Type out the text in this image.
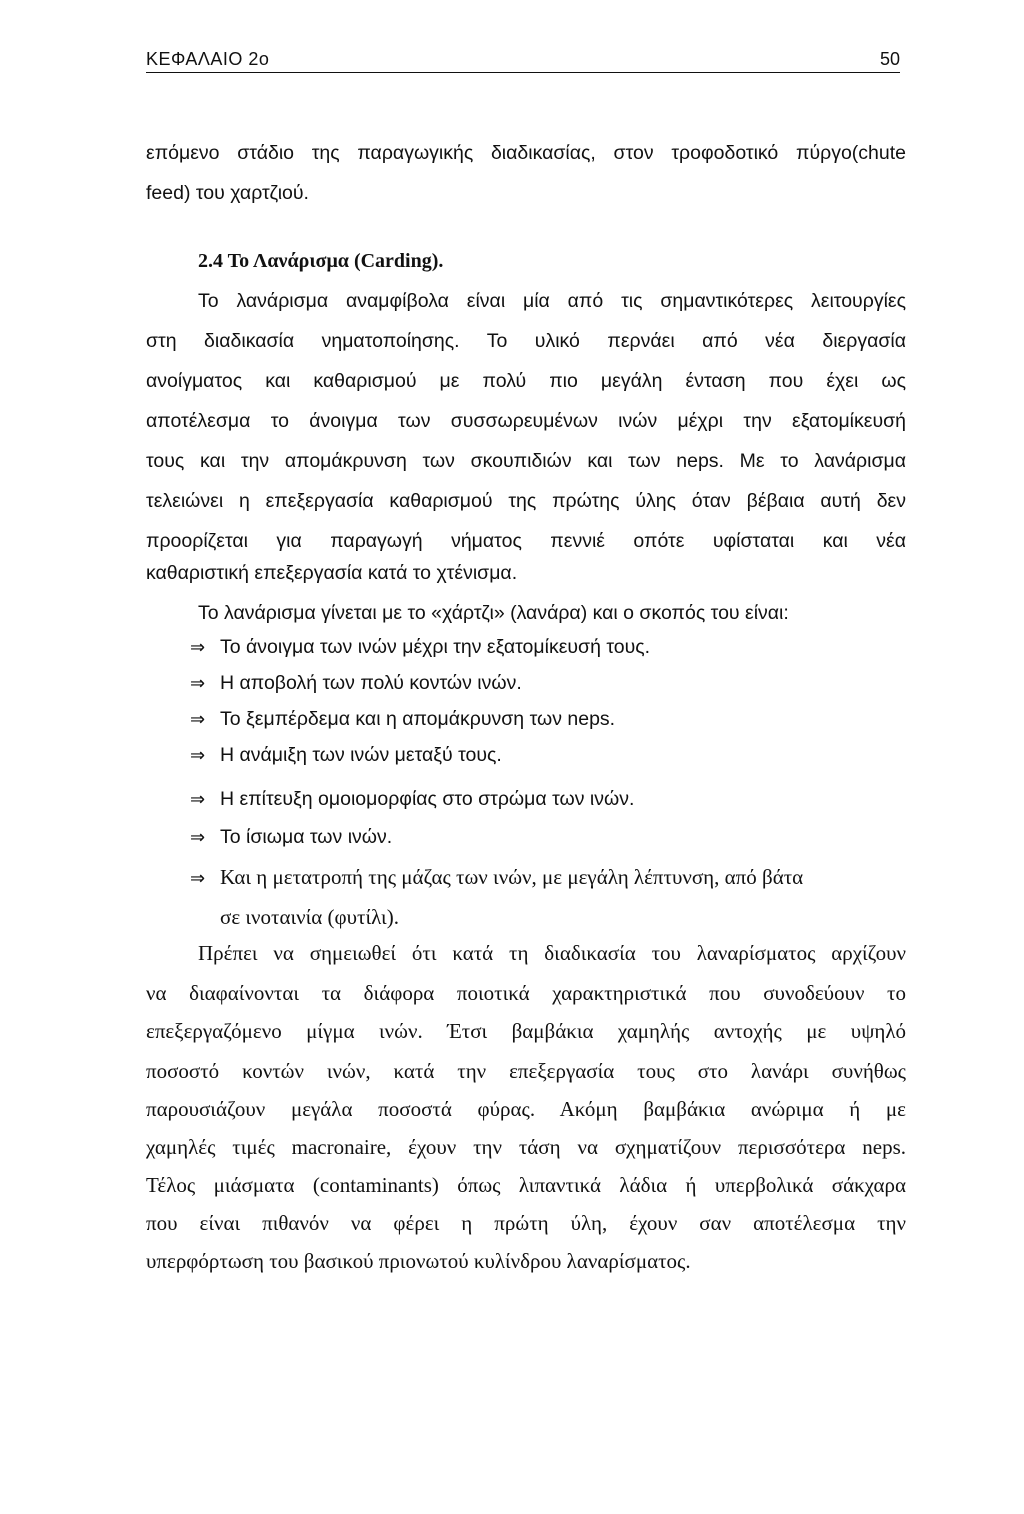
ΚΕΦΑΛΑΙΟ 2ο	50
επόμενο στάδιο της παραγωγικής διαδικασίας, στον τροφοδοτικό πύργο(chute
feed) του χαρτζιού.
2.4 Το Λανάρισμα (Carding).
Το λανάρισμα αναμφίβολα είναι μία από τις σημαντικότερες λειτουργίες
στη διαδικασία νηματοποίησης. Το υλικό περνάει από νέα διεργασία
ανοίγματος και καθαρισμού με πολύ πιο μεγάλη ένταση που έχει ως
αποτέλεσμα το άνοιγμα των συσσωρευμένων ινών μέχρι την εξατομίκευσή
τους και την απομάκρυνση των σκουπιδιών και των neps. Με το λανάρισμα
τελειώνει η επεξεργασία καθαρισμού της πρώτης ύλης όταν βέβαια αυτή δεν
προορίζεται για παραγωγή νήματος πεννιέ οπότε υφίσταται και νέα
καθαριστική επεξεργασία κατά το χτένισμα.
Το λανάρισμα γίνεται με το «χάρτζι» (λανάρα) και ο σκοπός του είναι:
⇒ Το άνοιγμα των ινών μέχρι την εξατομίκευσή τους.
⇒ Η αποβολή των πολύ κοντών ινών.
⇒ Το ξεμπέρδεμα και η απομάκρυνση των neps.
⇒ Η ανάμιξη των ινών μεταξύ τους.
⇒ Η επίτευξη ομοιομορφίας στο στρώμα των ινών.
⇒ Το ίσιωμα των ινών.
⇒ Και η μετατροπή της μάζας των ινών, με μεγάλη λέπτυνση, από βάτα
σε ινοταινία (φυτίλι).
Πρέπει να σημειωθεί ότι κατά τη διαδικασία του λαναρίσματος αρχίζουν
να διαφαίνονται τα διάφορα ποιοτικά χαρακτηριστικά που συνοδεύουν το
επεξεργαζόμενο μίγμα ινών. Έτσι βαμβάκια χαμηλής αντοχής με υψηλό
ποσοστό κοντών ινών, κατά την επεξεργασία τους στο λανάρι συνήθως
παρουσιάζουν μεγάλα ποσοστά φύρας. Ακόμη βαμβάκια ανώριμα ή με
χαμηλές τιμές macronaire, έχουν την τάση να σχηματίζουν περισσότερα neps.
Τέλος μιάσματα (contaminants) όπως λιπαντικά λάδια ή υπερβολικά σάκχαρα
που είναι πιθανόν να φέρει η πρώτη ύλη, έχουν σαν αποτέλεσμα την
υπερφόρτωση του βασικού πριονωτού κυλίνδρου λαναρίσματος.
